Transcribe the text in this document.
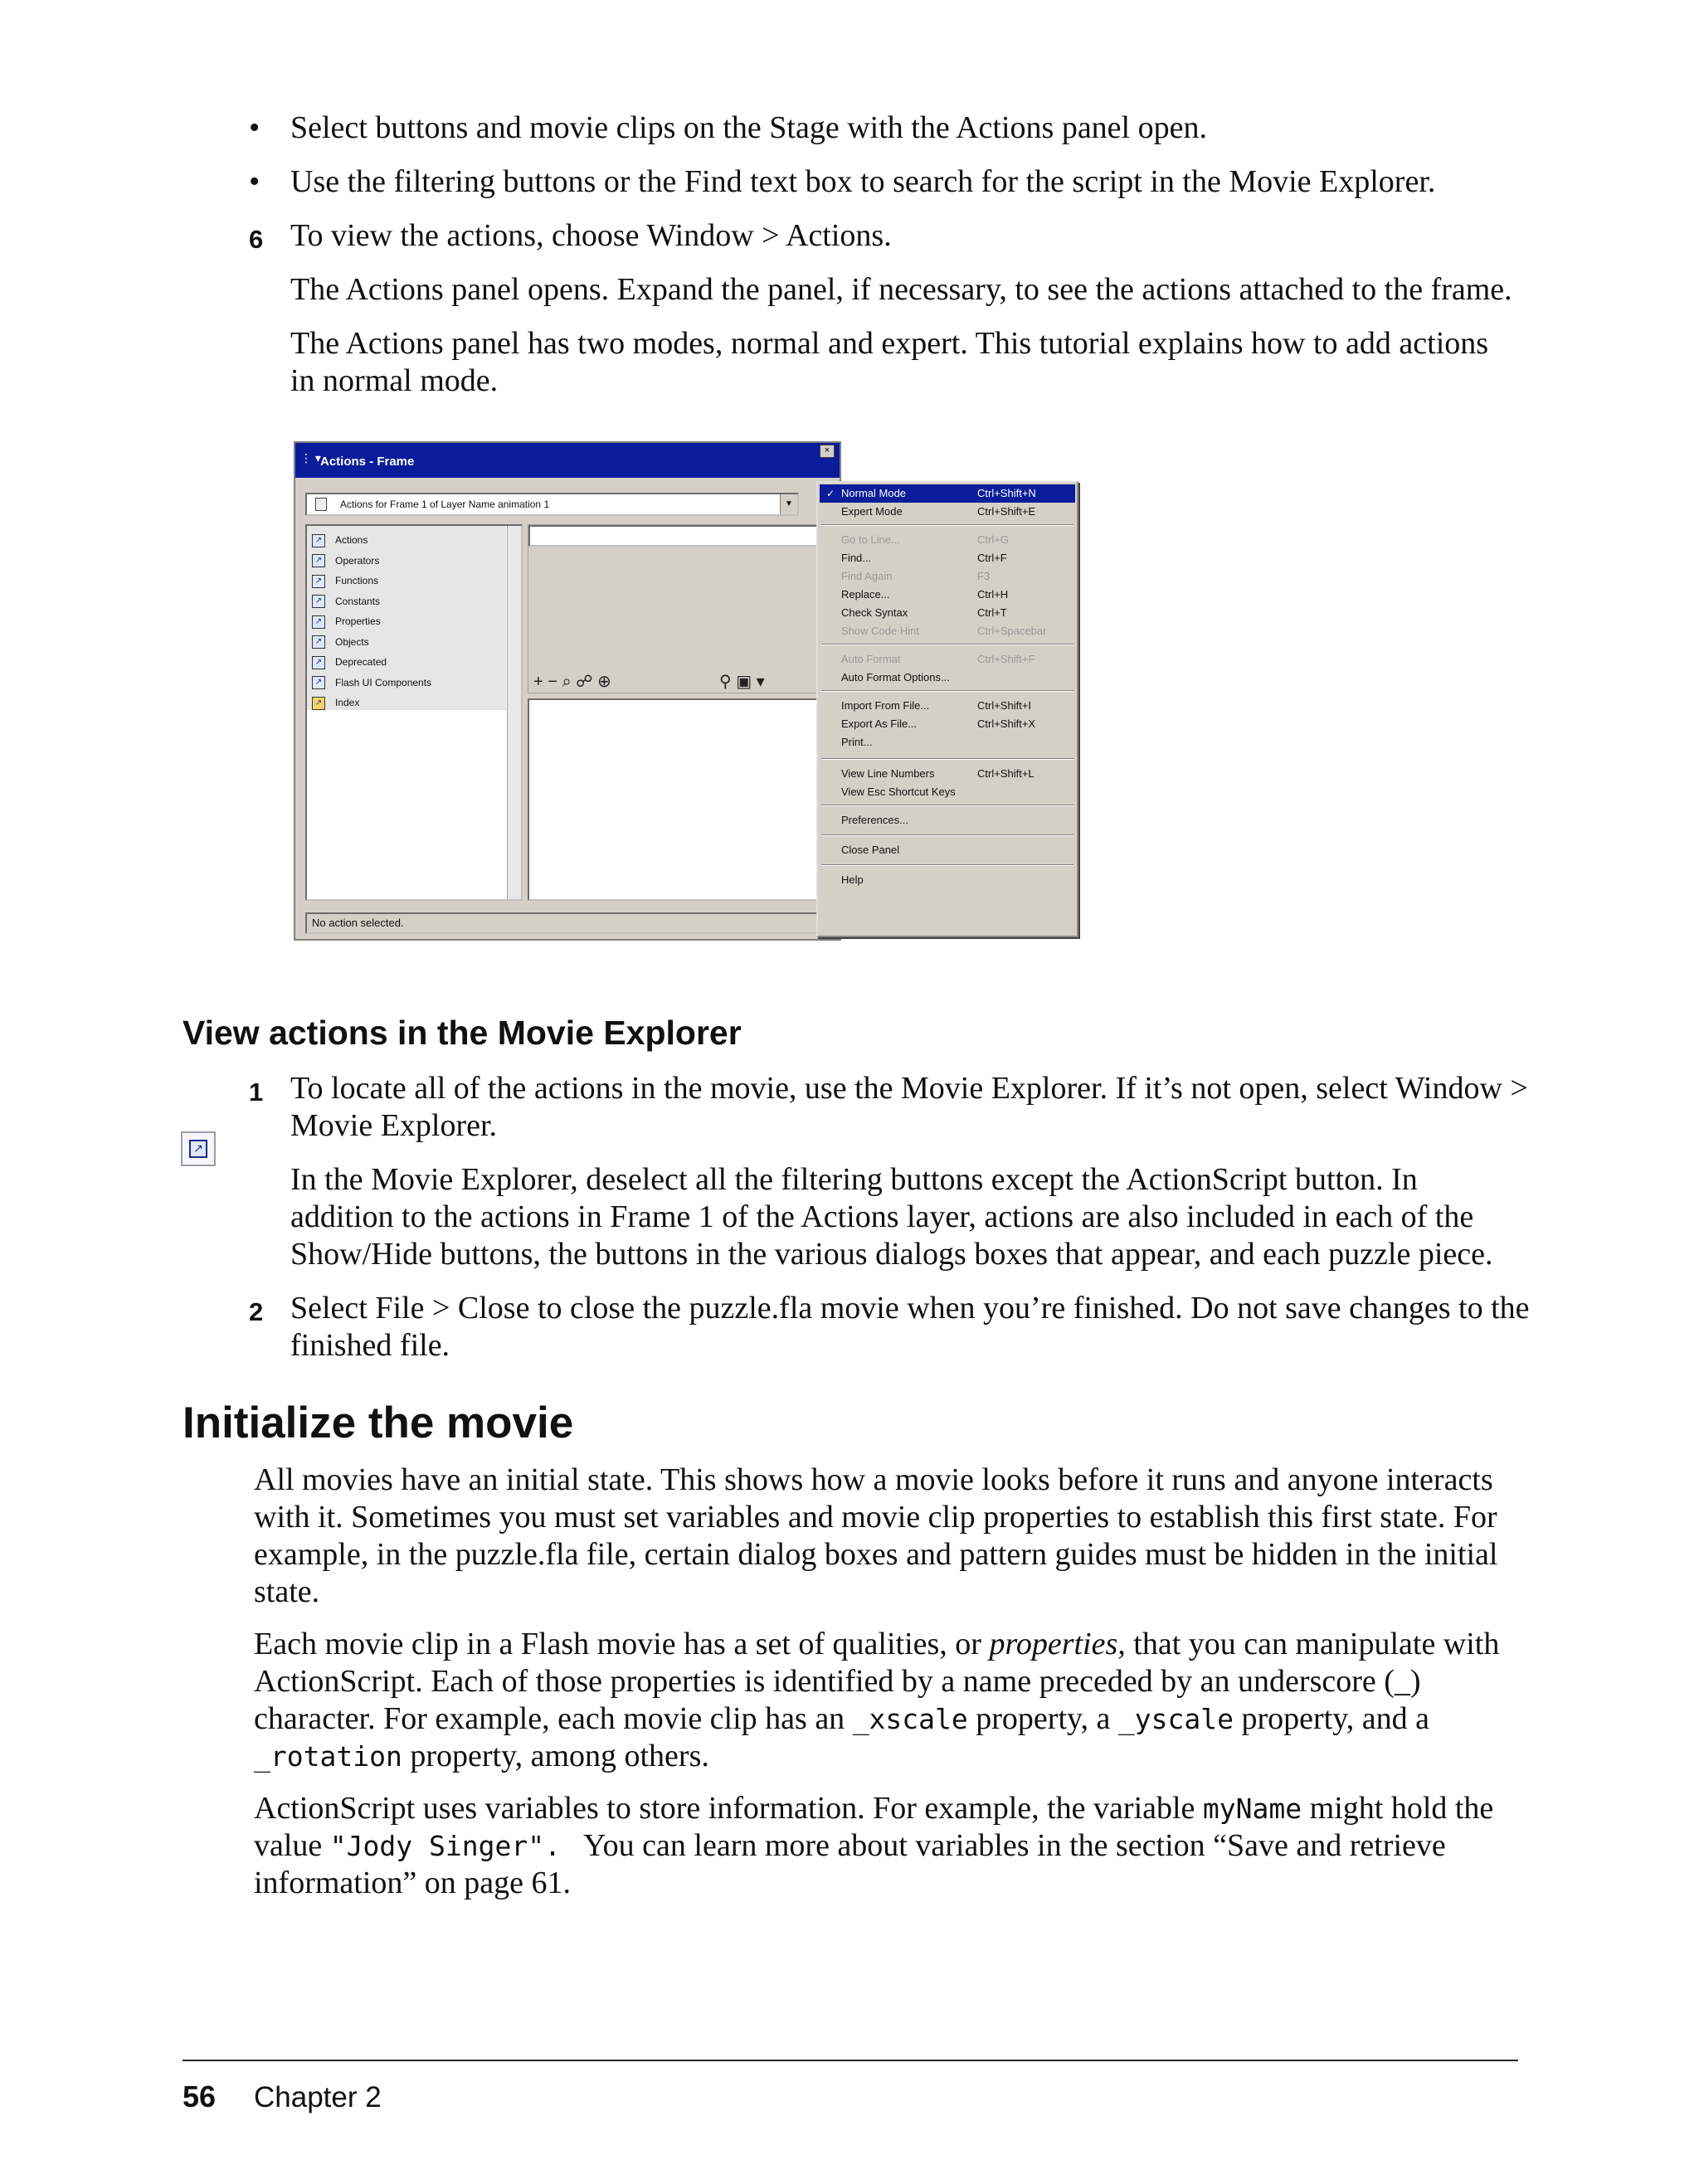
• Select buttons and movie clips on the Stage with the Actions panel open.
• Use the filtering buttons or the Find text box to search for the script in the Movie Explorer.
6 To view the actions, choose Window > Actions.
The Actions panel opens. Expand the panel, if necessary, to see the actions attached to the frame.
The Actions panel has two modes, normal and expert. This tutorial explains how to add actions in normal mode.
⋮ ▾ Actions - Frame
×
Actions for Frame 1 of Layer Name animation 1	▼
↗ Actions
↗ Operators
↗ Functions
↗ Constants
↗ Properties
↗ Objects
↗ Deprecated
↗ Flash UI Components
↗ Index
+ − ⌕ ☍ ⊕	⚲ ▣ ▾
No action selected.
✓ Normal Mode	Ctrl+Shift+N
Expert Mode	Ctrl+Shift+E
Go to Line...	Ctrl+G
Find...	Ctrl+F
Find Again	F3
Replace...	Ctrl+H
Check Syntax	Ctrl+T
Show Code Hint	Ctrl+Spacebar
Auto Format	Ctrl+Shift+F
Auto Format Options...
Import From File...	Ctrl+Shift+I
Export As File...	Ctrl+Shift+X
Print...
View Line Numbers	Ctrl+Shift+L
View Esc Shortcut Keys
Preferences...
Close Panel
Help
View actions in the Movie Explorer
1 To locate all of the actions in the movie, use the Movie Explorer. If it’s not open, select Window > Movie Explorer.
↗
In the Movie Explorer, deselect all the filtering buttons except the ActionScript button. In addition to the actions in Frame 1 of the Actions layer, actions are also included in each of the Show/Hide buttons, the buttons in the various dialogs boxes that appear, and each puzzle piece.
2 Select File > Close to close the puzzle.fla movie when you’re finished. Do not save changes to the finished file.
Initialize the movie
All movies have an initial state. This shows how a movie looks before it runs and anyone interacts with it. Sometimes you must set variables and movie clip properties to establish this first state. For example, in the puzzle.fla file, certain dialog boxes and pattern guides must be hidden in the initial state.
Each movie clip in a Flash movie has a set of qualities, or properties, that you can manipulate with ActionScript. Each of those properties is identified by a name preceded by an underscore (_) character. For example, each movie clip has an _xscale property, a _yscale property, and a _rotation property, among others.
ActionScript uses variables to store information. For example, the variable myName might hold the value "Jody Singer".   You can learn more about variables in the section “Save and retrieve information” on page 61.
56 Chapter 2
